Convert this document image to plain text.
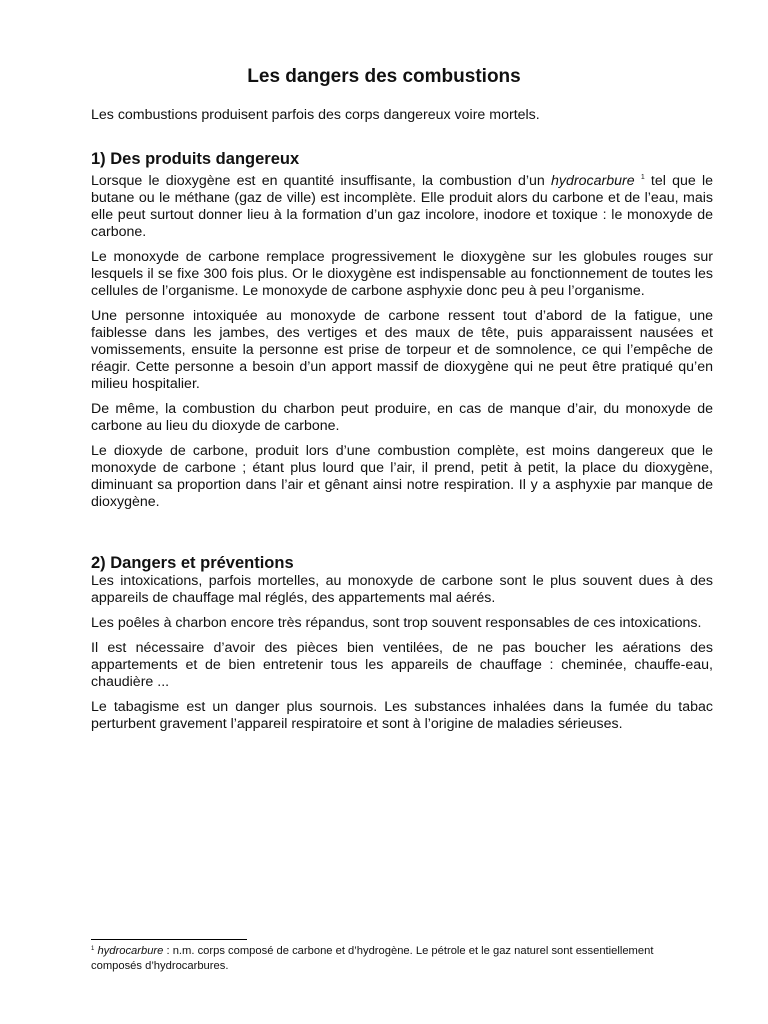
Les dangers des combustions

Les combustions produisent parfois des corps dangereux voire mortels.

1) Des produits dangereux

Lorsque le dioxygène est en quantité insuffisante, la combustion d’un hydrocarbure $^1$ tel que le butane ou le méthane (gaz de ville) est incomplète. Elle produit alors du carbone et de l’eau, mais elle peut surtout donner lieu à la formation d’un gaz incolore, inodore et toxique : le monoxyde de carbone.

Le monoxyde de carbone remplace progressivement le dioxygène sur les globules rouges sur lesquels il se fixe 300 fois plus. Or le dioxygène est indispensable au fonctionnement de toutes les cellules de l’organisme. Le monoxyde de carbone asphyxie donc peu à peu l’organisme.

Une personne intoxiquée au monoxyde de carbone ressent tout d’abord de la fatigue, une faiblesse dans les jambes, des vertiges et des maux de tête, puis apparaissent nausées et vomissements, ensuite la personne est prise de torpeur et de somnolence, ce qui l’empêche de réagir. Cette personne a besoin d’un apport massif de dioxygène qui ne peut être pratiqué qu’en milieu hospitalier.

De même, la combustion du charbon peut produire, en cas de manque d’air, du monoxyde de carbone au lieu du dioxyde de carbone.

Le dioxyde de carbone, produit lors d’une combustion complète, est moins dangereux que le monoxyde de carbone ; étant plus lourd que l’air, il prend, petit à petit, la place du dioxygène, diminuant sa proportion dans l’air et gênant ainsi notre respiration. Il y a asphyxie par manque de dioxygène.

2) Dangers et préventions

Les intoxications, parfois mortelles, au monoxyde de carbone sont le plus souvent dues à des appareils de chauffage mal réglés, des appartements mal aérés.

Les poêles à charbon encore très répandus, sont trop souvent responsables de ces intoxications.

Il est nécessaire d’avoir des pièces bien ventilées, de ne pas boucher les aérations des appartements et de bien entretenir tous les appareils de chauffage : cheminée, chauffe-eau, chaudière ...

Le tabagisme est un danger plus sournois. Les substances inhalées dans la fumée du tabac perturbent gravement l’appareil respiratoire et sont à l’origine de maladies sérieuses.

$^1$ hydrocarbure : n.m. corps composé de carbone et d’hydrogène. Le pétrole et le gaz naturel sont essentiellement composés d’hydrocarbures.
